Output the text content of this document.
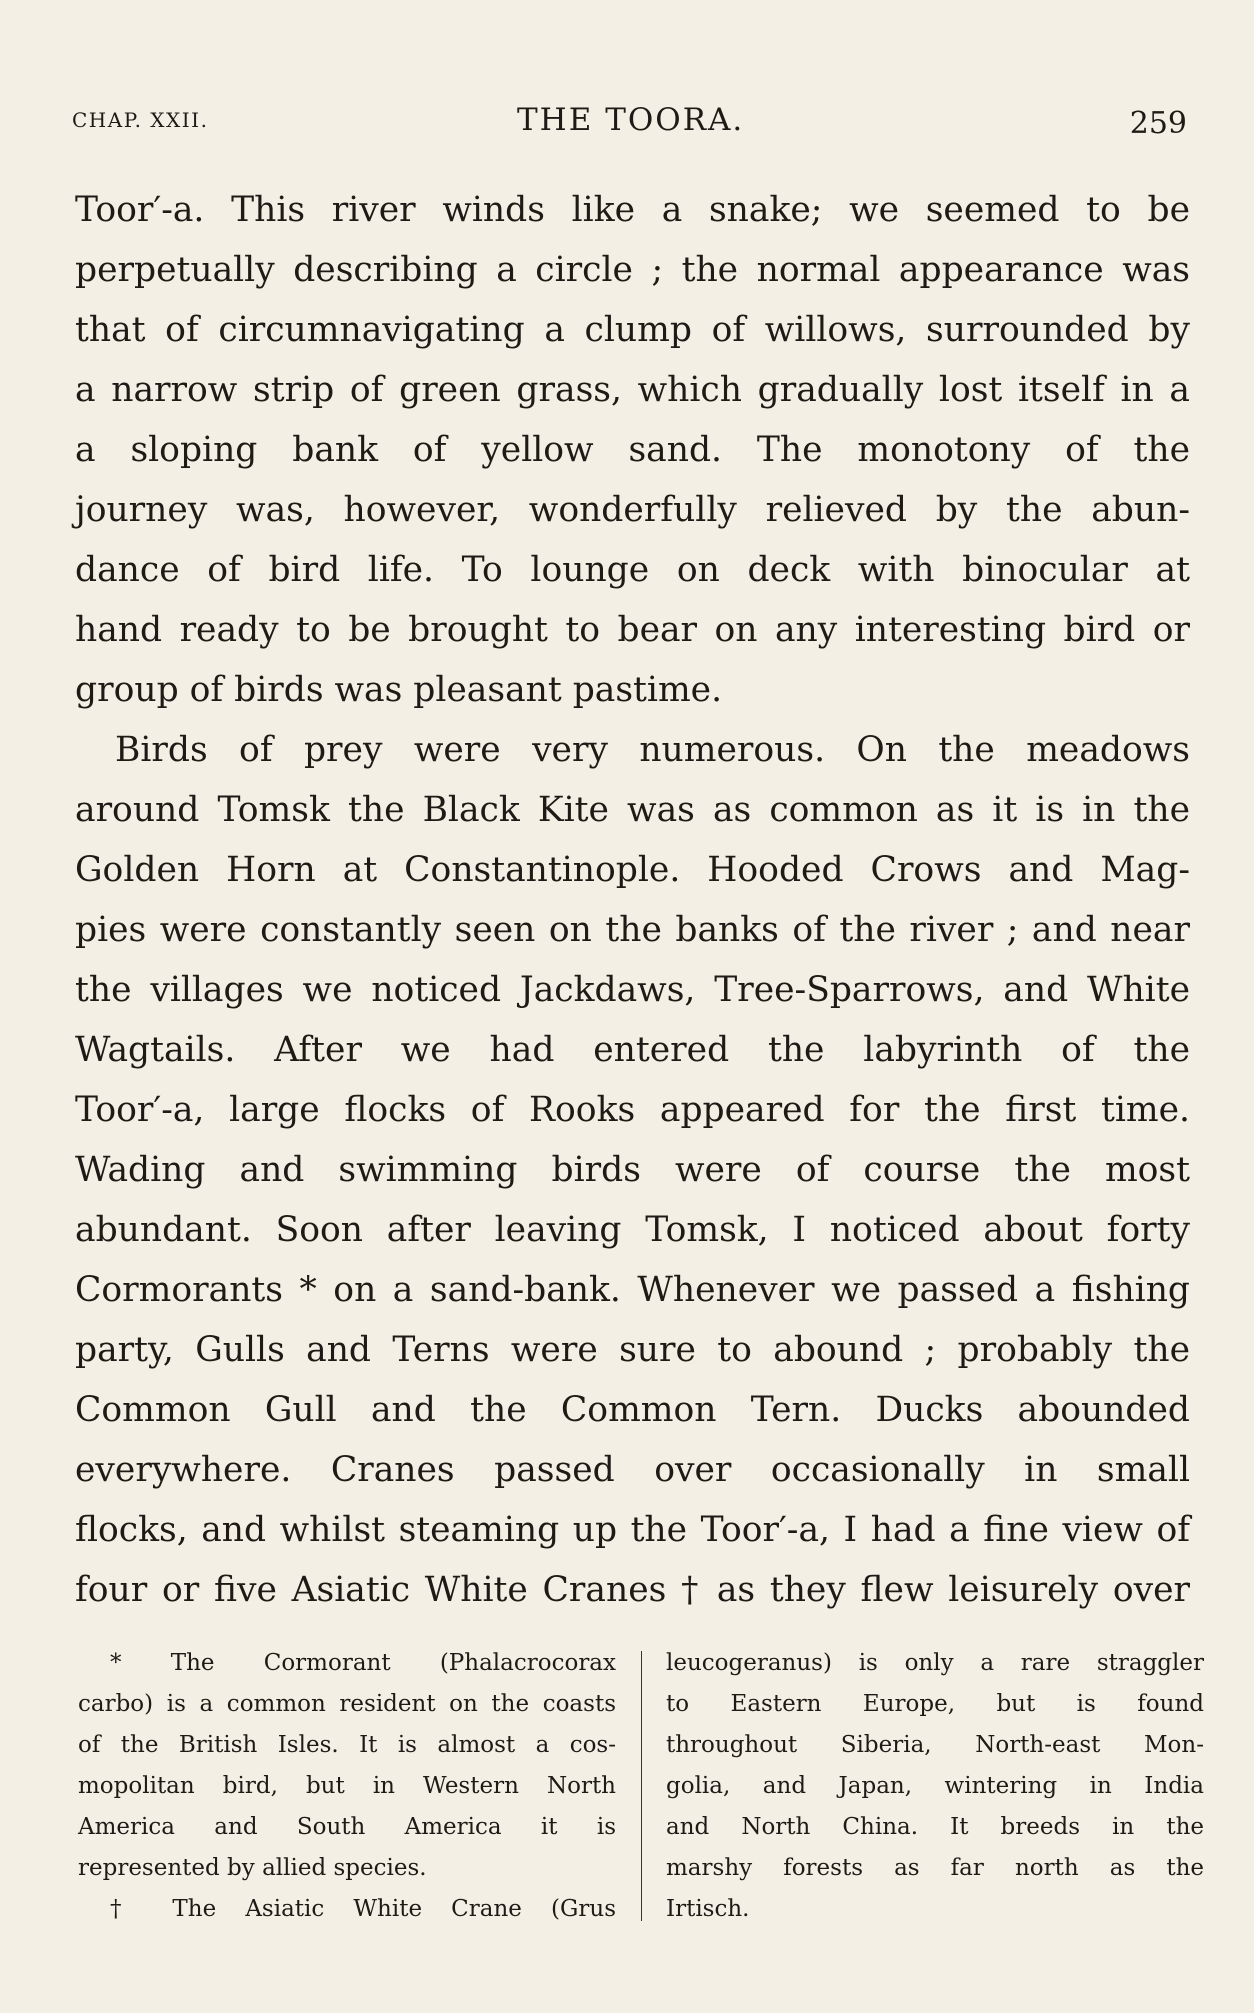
CHAP. XXII.	THE TOORA.	259
Toor′-a. This river winds like a snake; we seemed to be
perpetually describing a circle ; the normal appearance was
that of circumnavigating a clump of willows, surrounded by
a narrow strip of green grass, which gradually lost itself in a
a sloping bank of yellow sand. The monotony of the
journey was, however, wonderfully relieved by the abun-
dance of bird life. To lounge on deck with binocular at
hand ready to be brought to bear on any interesting bird or
group of birds was pleasant pastime.
Birds of prey were very numerous. On the meadows
around Tomsk the Black Kite was as common as it is in the
Golden Horn at Constantinople. Hooded Crows and Mag-
pies were constantly seen on the banks of the river ; and near
the villages we noticed Jackdaws, Tree-Sparrows, and White
Wagtails. After we had entered the labyrinth of the
Toor′-a, large flocks of Rooks appeared for the first time.
Wading and swimming birds were of course the most
abundant. Soon after leaving Tomsk, I noticed about forty
Cormorants * on a sand-bank. Whenever we passed a fishing
party, Gulls and Terns were sure to abound ; probably the
Common Gull and the Common Tern. Ducks abounded
everywhere. Cranes passed over occasionally in small
flocks, and whilst steaming up the Toor′-a, I had a fine view of
four or five Asiatic White Cranes † as they flew leisurely over
* The Cormorant (Phalacrocorax
carbo) is a common resident on the coasts
of the British Isles. It is almost a cos-
mopolitan bird, but in Western North
America and South America it is
represented by allied species.
† The Asiatic White Crane (Grus
leucogeranus) is only a rare straggler
to Eastern Europe, but is found
throughout Siberia, North-east Mon-
golia, and Japan, wintering in India
and North China. It breeds in the
marshy forests as far north as the
Irtisch.
